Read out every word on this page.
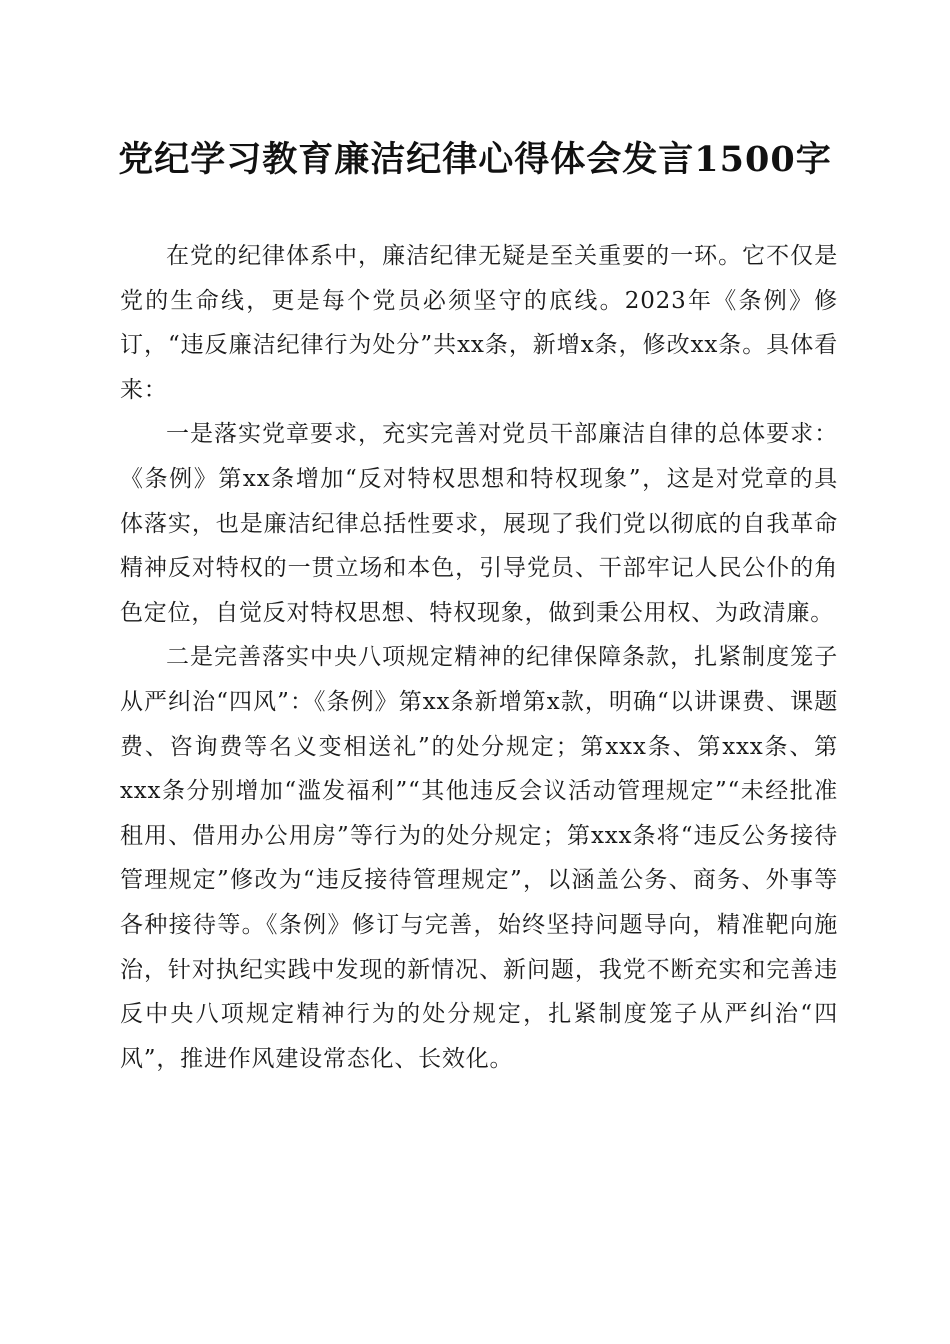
党纪学习教育廉洁纪律心得体会发言1500字

在党的纪律体系中，廉洁纪律无疑是至关重要的一环。它不仅是党的生命线，更是每个党员必须坚守的底线。2023年《条例》修订，“违反廉洁纪律行为处分”共xx条，新增x条，修改xx条。具体看来：

一是落实党章要求，充实完善对党员干部廉洁自律的总体要求：《条例》第xx条增加“反对特权思想和特权现象”，这是对党章的具体落实，也是廉洁纪律总括性要求，展现了我们党以彻底的自我革命精神反对特权的一贯立场和本色，引导党员、干部牢记人民公仆的角色定位，自觉反对特权思想、特权现象，做到秉公用权、为政清廉。

二是完善落实中央八项规定精神的纪律保障条款，扎紧制度笼子从严纠治“四风”：《条例》第xx条新增第x款，明确“以讲课费、课题费、咨询费等名义变相送礼”的处分规定；第xxx条、第xxx条、第xxx条分别增加“滥发福利”“其他违反会议活动管理规定”“未经批准租用、借用办公用房”等行为的处分规定；第xxx条将“违反公务接待管理规定”修改为“违反接待管理规定”，以涵盖公务、商务、外事等各种接待等。《条例》修订与完善，始终坚持问题导向，精准靶向施治，针对执纪实践中发现的新情况、新问题，我党不断充实和完善违反中央八项规定精神行为的处分规定，扎紧制度笼子从严纠治“四风”，推进作风建设常态化、长效化。
